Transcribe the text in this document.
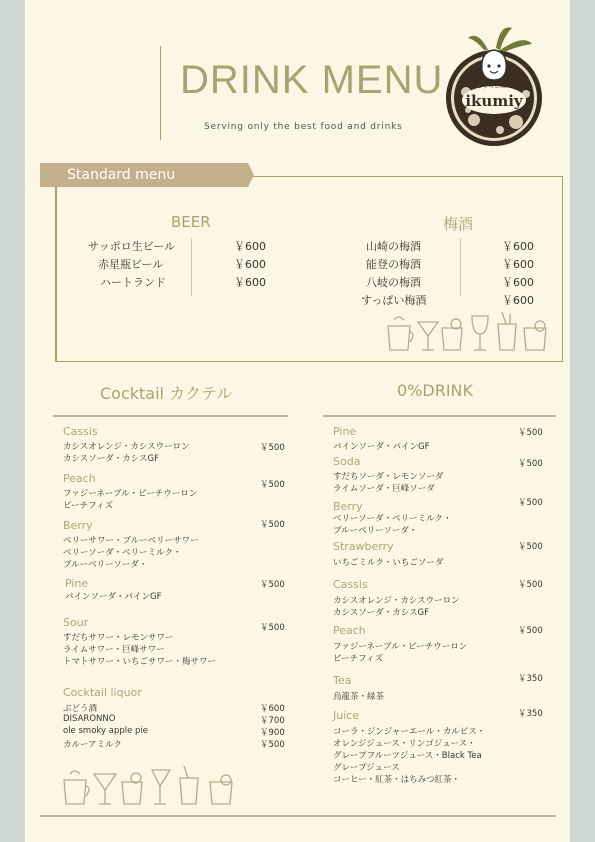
DRINK MENU
Serving only the best food and drinks
おうちごはん
ikumiy
Standard menu
BEER	梅酒
サッポロ生ビール	￥600
赤星瓶ビール	￥600
ハートランド	￥600
山崎の梅酒	￥600
能登の梅酒	￥600
八岐の梅酒	￥600
すっぱい梅酒	￥600
Cocktail カクテル	0%DRINK
Cassis
カシスオレンジ・カシスウーロン
カシスソーダ・カシスGF
￥500
Peach
ファジーネーブル・ピーチウーロン
ピーチフィズ
￥500
Berry
ベリーサワー・ブルーベリーサワー
ベリーソーダ・ベリーミルク・
ブルーベリーソーダ・
￥500
Pine
パインソーダ・パインGF
￥500
Sour
すだちサワー・レモンサワー
ライムサワー・巨峰サワー
トマトサワー・いちごサワー・梅サワー
￥500
Cocktail liquor
ぶどう酒	￥600
DISARONNO	￥700
ole smoky apple pie	￥900
カルーアミルク	￥500
Pine
パインソーダ・パインGF
￥500
Soda
すだちソーダ・レモンソーダ
ライムソーダ・巨峰ソーダ
￥500
Berry
ベリーソーダ・ベリーミルク・
ブルーベリーソーダ・
￥500
Strawberry
いちごミルク・いちごソーダ
￥500
Cassis
カシスオレンジ・カシスウーロン
カシスソーダ・カシスGF
￥500
Peach
ファジーネーブル・ピーチウーロン
ピーチフィズ
￥500
Tea
烏龍茶・緑茶
￥350
Juice
コーラ・ジンジャーエール・カルピス・
オレンジジュース・リンゴジュース・
グレープフルーツジュース・Black Tea
グレープジュース
コーヒー・紅茶・はちみつ紅茶・
￥350
